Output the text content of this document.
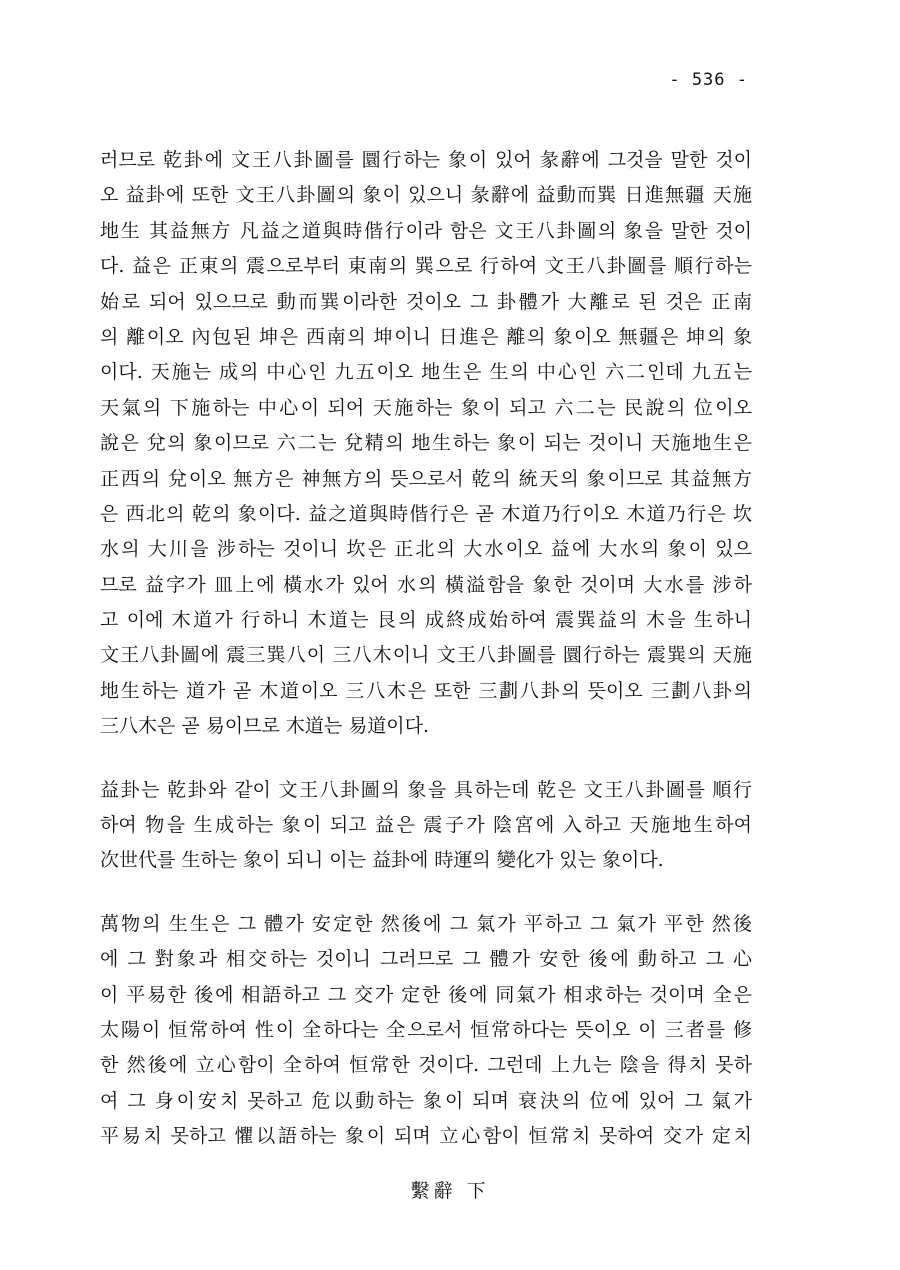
- 536 -
러므로 乾卦에 文王八卦圖를 圜行하는 象이 있어 彖辭에 그것을 말한 것이
오 益卦에 또한 文王八卦圖의 象이 있으니 彖辭에 益動而巽 日進無疆 天施
地生 其益無方 凡益之道與時偕行이라 함은 文王八卦圖의 象을 말한 것이
다. 益은 正東의 震으로부터 東南의 巽으로 行하여 文王八卦圖를 順行하는
始로 되어 있으므로 動而巽이라한 것이오 그 卦體가 大離로 된 것은 正南
의 離이오 內包된 坤은 西南의 坤이니 日進은 離의 象이오 無疆은 坤의 象
이다. 天施는 成의 中心인 九五이오 地生은 生의 中心인 六二인데 九五는
天氣의 下施하는 中心이 되어 天施하는 象이 되고 六二는 民說의 位이오
說은 兌의 象이므로 六二는 兌精의 地生하는 象이 되는 것이니 天施地生은
正西의 兌이오 無方은 神無方의 뜻으로서 乾의 統天의 象이므로 其益無方
은 西北의 乾의 象이다. 益之道與時偕行은 곧 木道乃行이오 木道乃行은 坎
水의 大川을 涉하는 것이니 坎은 正北의 大水이오 益에 大水의 象이 있으
므로 益字가 皿上에 橫水가 있어 水의 橫溢함을 象한 것이며 大水를 涉하
고 이에 木道가 行하니 木道는 艮의 成終成始하여 震巽益의 木을 生하니
文王八卦圖에 震三巽八이 三八木이니 文王八卦圖를 圜行하는 震巽의 天施
地生하는 道가 곧 木道이오 三八木은 또한 三劃八卦의 뜻이오 三劃八卦의
三八木은 곧 易이므로 木道는 易道이다.
益卦는 乾卦와 같이 文王八卦圖의 象을 具하는데 乾은 文王八卦圖를 順行
하여 物을 生成하는 象이 되고 益은 震子가 陰宮에 入하고 天施地生하여
次世代를 生하는 象이 되니 이는 益卦에 時運의 變化가 있는 象이다.
萬物의 生生은 그 體가 安定한 然後에 그 氣가 平하고 그 氣가 平한 然後
에 그 對象과 相交하는 것이니 그러므로 그 體가 安한 後에 動하고 그 心
이 平易한 後에 相語하고 그 交가 定한 後에 同氣가 相求하는 것이며 全은
太陽이 恒常하여 性이 全하다는 全으로서 恒常하다는 뜻이오 이 三者를 修
한 然後에 立心함이 全하여 恒常한 것이다. 그런데 上九는 陰을 得치 못하
여 그 身이安치 못하고 危以動하는 象이 되며 衰決의 位에 있어 그 氣가
平易치 못하고 懼以語하는 象이 되며 立心함이 恒常치 못하여 交가 定치
繫辭 下
